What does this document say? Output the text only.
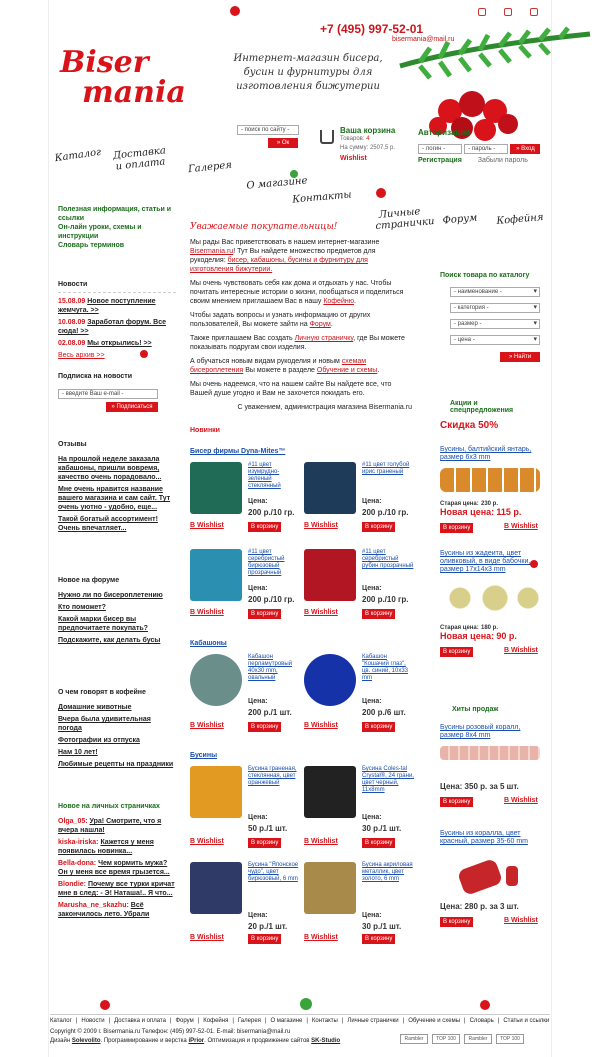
+7 (495) 997-52-01
bisermania@mail.ru
Biser
mania
Интернет-магазин бисера, бусин и фурнитуры для изготовления бижутерии
Каталог	Доставка и оплата	Галерея
О магазине
Контакты
Личные странички Форум Кофейня
- поиск по сайту -
» Ок
Ваша корзина
Товаров: 4
На сумму: 2507,5 р.
Wishlist
Авторизация
- логин -	- пароль -	» Вход
Регистрация Забыли пароль
Полезная информация, статьи и ссылки
Он-лайн уроки, схемы и инструкции
Словарь терминов
Новости
15.08.09 Новое поступление жемчуга. >>
10.08.09 Заработал форум. Все сюда! >>
02.08.09 Мы открылись! >>
Весь архив >>
Подписка на новости
- введите Ваш e-mail - » Подписаться
Отзывы
На прошлой неделе заказала кабашоны, пришли вовремя, качество очень порадовало...
Мне очень нравится название вашего магазина и сам сайт. Тут очень уютно - удобно, еще...
Такой богатый ассортимент! Очень впечатляет...
Новое на форуме
Нужно ли по бисероплетению
Кто поможет?
Какой марки бисер вы предпочитаете покупать?
Подскажите, как делать бусы
О чем говорят в кофейне
Домашние животные
Вчера была удивительная погода
Фотографии из отпуска
Нам 10 лет!
Любимые рецепты на праздники
Новое на личных страничках
Olga_05: Ура! Смотрите, что я вчера нашла!
kiska-iriska: Кажется у меня появилась новинка...
Bella-dona: Чем кормить мужа? Он у меня все время грызется...
Blondie: Почему все турки кричат мне в след: - Э! Наташа!.. Я что...
Marusha_ne_skazhu: Всё закончилось лето. Убрали
Уважаемые покупательницы!
Мы рады Вас приветствовать в нашем интернет-магазине Bisermania.ru! Тут Вы найдете множество предметов для рукоделия: бисер, кабашоны, бусины и фурнитуру для изготовления бижутерии.
Мы очень чувствовать себя как дома и отдыхать у нас. Чтобы почитать интересные истории о жизни, пообщаться и поделиться своим мнением приглашаем Вас в нашу Кофейню.
Чтобы задать вопросы и узнать информацию от других пользователей, Вы можете зайти на Форум.
Также приглашаем Вас создать Личную страничку, где Вы можете показывать подругам свои изделия.
А обучаться новым видам рукоделия и новым схемам бисероплетения Вы можете в разделе Обучение и схемы.
Мы очень надеемся, что на нашем сайте Вы найдете все, что Вашей душе угодно и Вам не захочется покидать его.
С уважением, администрация магазина Bisermania.ru
Новинки
Бисер фирмы Dyna-Mites™
#11 цвет изумрудно-зеленый стеклянный
Цена:
200 р./10 гр.
В Wishlist	В корзину
#11 цвет голубой ирис граненый
Цена:
200 р./10 гр.
В Wishlist	В корзину
#11 цвет серебристый бирюзовый прозрачный
Цена:
200 р./10 гр.
В Wishlist	В корзину
#11 цвет серебристый рубин прозрачный
Цена:
200 р./10 гр.
В Wishlist	В корзину
Кабашоны
Кабашон перламутровый 40x30 mm, овальный
Цена:
200 р./1 шт.
В Wishlist	В корзину
Кабашон "Кошачий глаз", цв. синий, 10x33 mm
Цена:
200 р./6 шт.
В Wishlist	В корзину
Бусины
Бусина граненая, стеклянная, цвет оранжевый
Цена:
50 р./1 шт.
В Wishlist	В корзину
Бусина Coles-tal Crystal®, 24 грани, цвет черный, 11x8mm
Цена:
30 р./1 шт.
В Wishlist	В корзину
Бусина "Японское чудо", цвет бирюзовый, 6 mm
Цена:
20 р./1 шт.
В Wishlist	В корзину
Бусина акриловая металлик, цвет золото, 6 mm
Цена:
30 р./1 шт.
В Wishlist	В корзину
Поиск товара по каталогу
- наименование - ▾
- категория - ▾
- размер - ▾
- цена - ▾
» Найти
Акции и спецпредложения
Скидка 50%
Бусины, балтийский янтарь, размер 6x3 mm
Старая цена: 230 р.
Новая цена: 115 р.
В корзину	В Wishlist
Бусины из жадеита, цвет оливковый, в виде бабочки, размер 17x14x3 mm
Старая цена: 180 р.
Новая цена: 90 р.
В корзину	В Wishlist
Хиты продаж
Бусины розовый коралл, размер 8x4 mm
Цена: 350 р. за 5 шт.
В корзину	В Wishlist
Бусины из коралла, цвет красный, размер 35-60 mm
Цена: 280 р. за 3 шт.
В корзину	В Wishlist
Каталог | Новости | Доставка и оплата | Форум | Кофейня | Галерея | О магазине | Контакты | Личные странички | Обучение и схемы | Словарь | Статьи и ссылки
Copyright © 2009 г. Bisermania.ru Телефон: (495) 997-52-01. E-mail: bisermania@mail.ru
Дизайн Solevolito. Программирование и верстка iPrior. Оптимизация и продвижение сайтов SK-Studio	Rambler	TOP 100	Rambler	TOP 100
